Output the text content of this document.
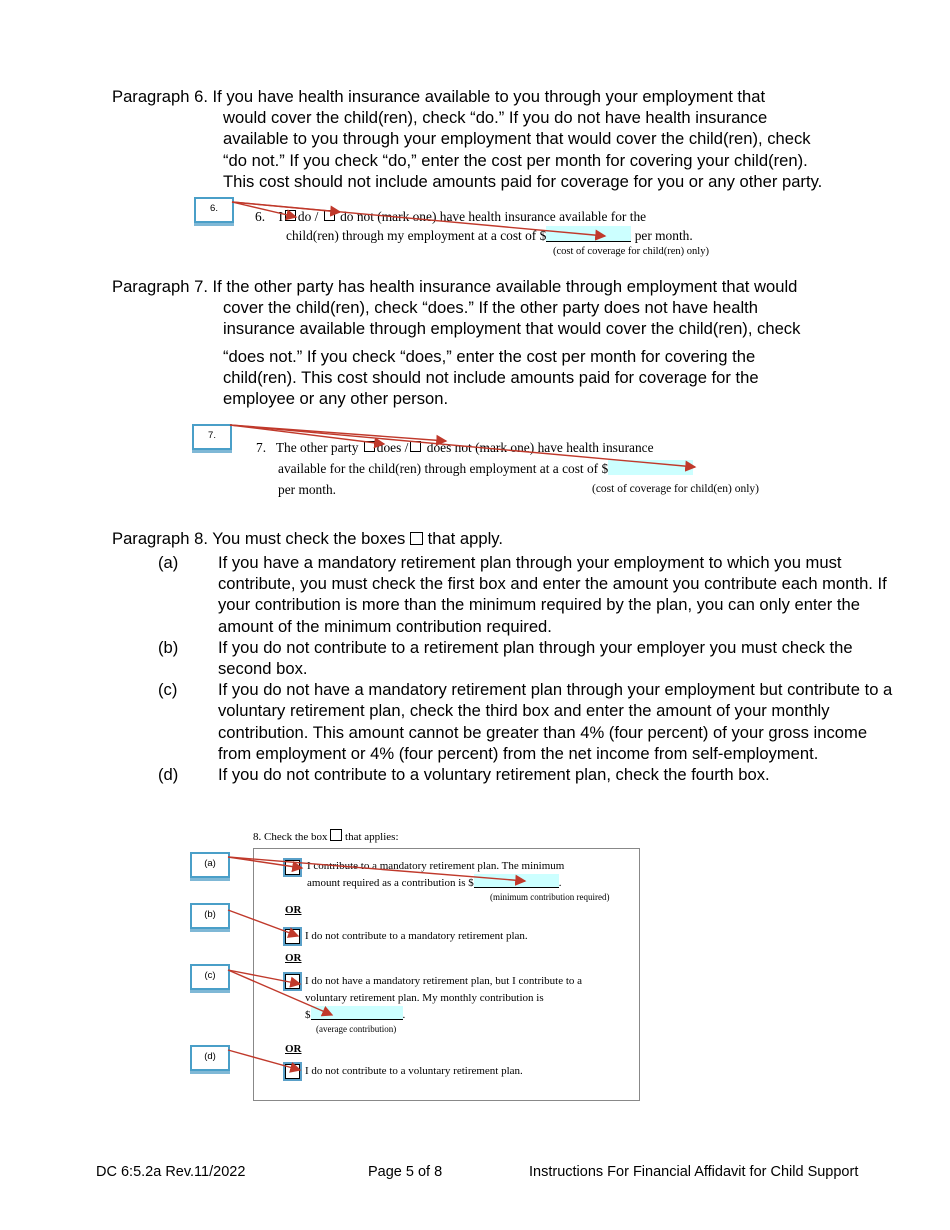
Paragraph 6. If you have health insurance available to you through your employment that
would cover the child(ren), check “do.” If you do not have health insurance
available to you through your employment that would cover the child(ren), check
“do not.” If you check “do,” enter the cost per month for covering your child(ren).
This cost should not include amounts paid for coverage for you or any other party.
6.
6. I do / do not (mark one) have health insurance available for the
child(ren) through my employment at a cost of $	per month.
(cost of coverage for child(ren) only)
Paragraph 7. If the other party has health insurance available through employment that would
cover the child(ren), check “does.” If the other party does not have health
insurance available through employment that would cover the child(ren), check
“does not.” If you check “does,” enter the cost per month for covering the
child(ren). This cost should not include amounts paid for coverage for the
employee or any other person.
7.
7. The other party does / does not (mark one) have health insurance
available for the child(ren) through employment at a cost of $
per month.	(cost of coverage for child(en) only)
Paragraph 8. You must check the boxes that apply.
(a) If you have a mandatory retirement plan through your employment to which you must contribute, you must check the first box and enter the amount you contribute each month. If your contribution is more than the minimum required by the plan, you can only enter the amount of the minimum contribution required.
(b) If you do not contribute to a retirement plan through your employer you must check the second box.
(c) If you do not have a mandatory retirement plan through your employment but contribute to a voluntary retirement plan, check the third box and enter the amount of your monthly contribution. This amount cannot be greater than 4% (four percent) of your gross income from employment or 4% (four percent) from the net income from self-employment.
(d) If you do not contribute to a voluntary retirement plan, check the fourth box.
8. Check the box that applies:
I contribute to a mandatory retirement plan. The minimum
amount required as a contribution is $	.
(minimum contribution required)
OR
I do not contribute to a mandatory retirement plan.
OR
I do not have a mandatory retirement plan, but I contribute to a
voluntary retirement plan. My monthly contribution is
$	.
(average contribution)
OR
I do not contribute to a voluntary retirement plan.
(a)
(b)
(c)
(d)
DC 6:5.2a Rev.11/2022	Page 5 of 8	Instructions For Financial Affidavit for Child Support
